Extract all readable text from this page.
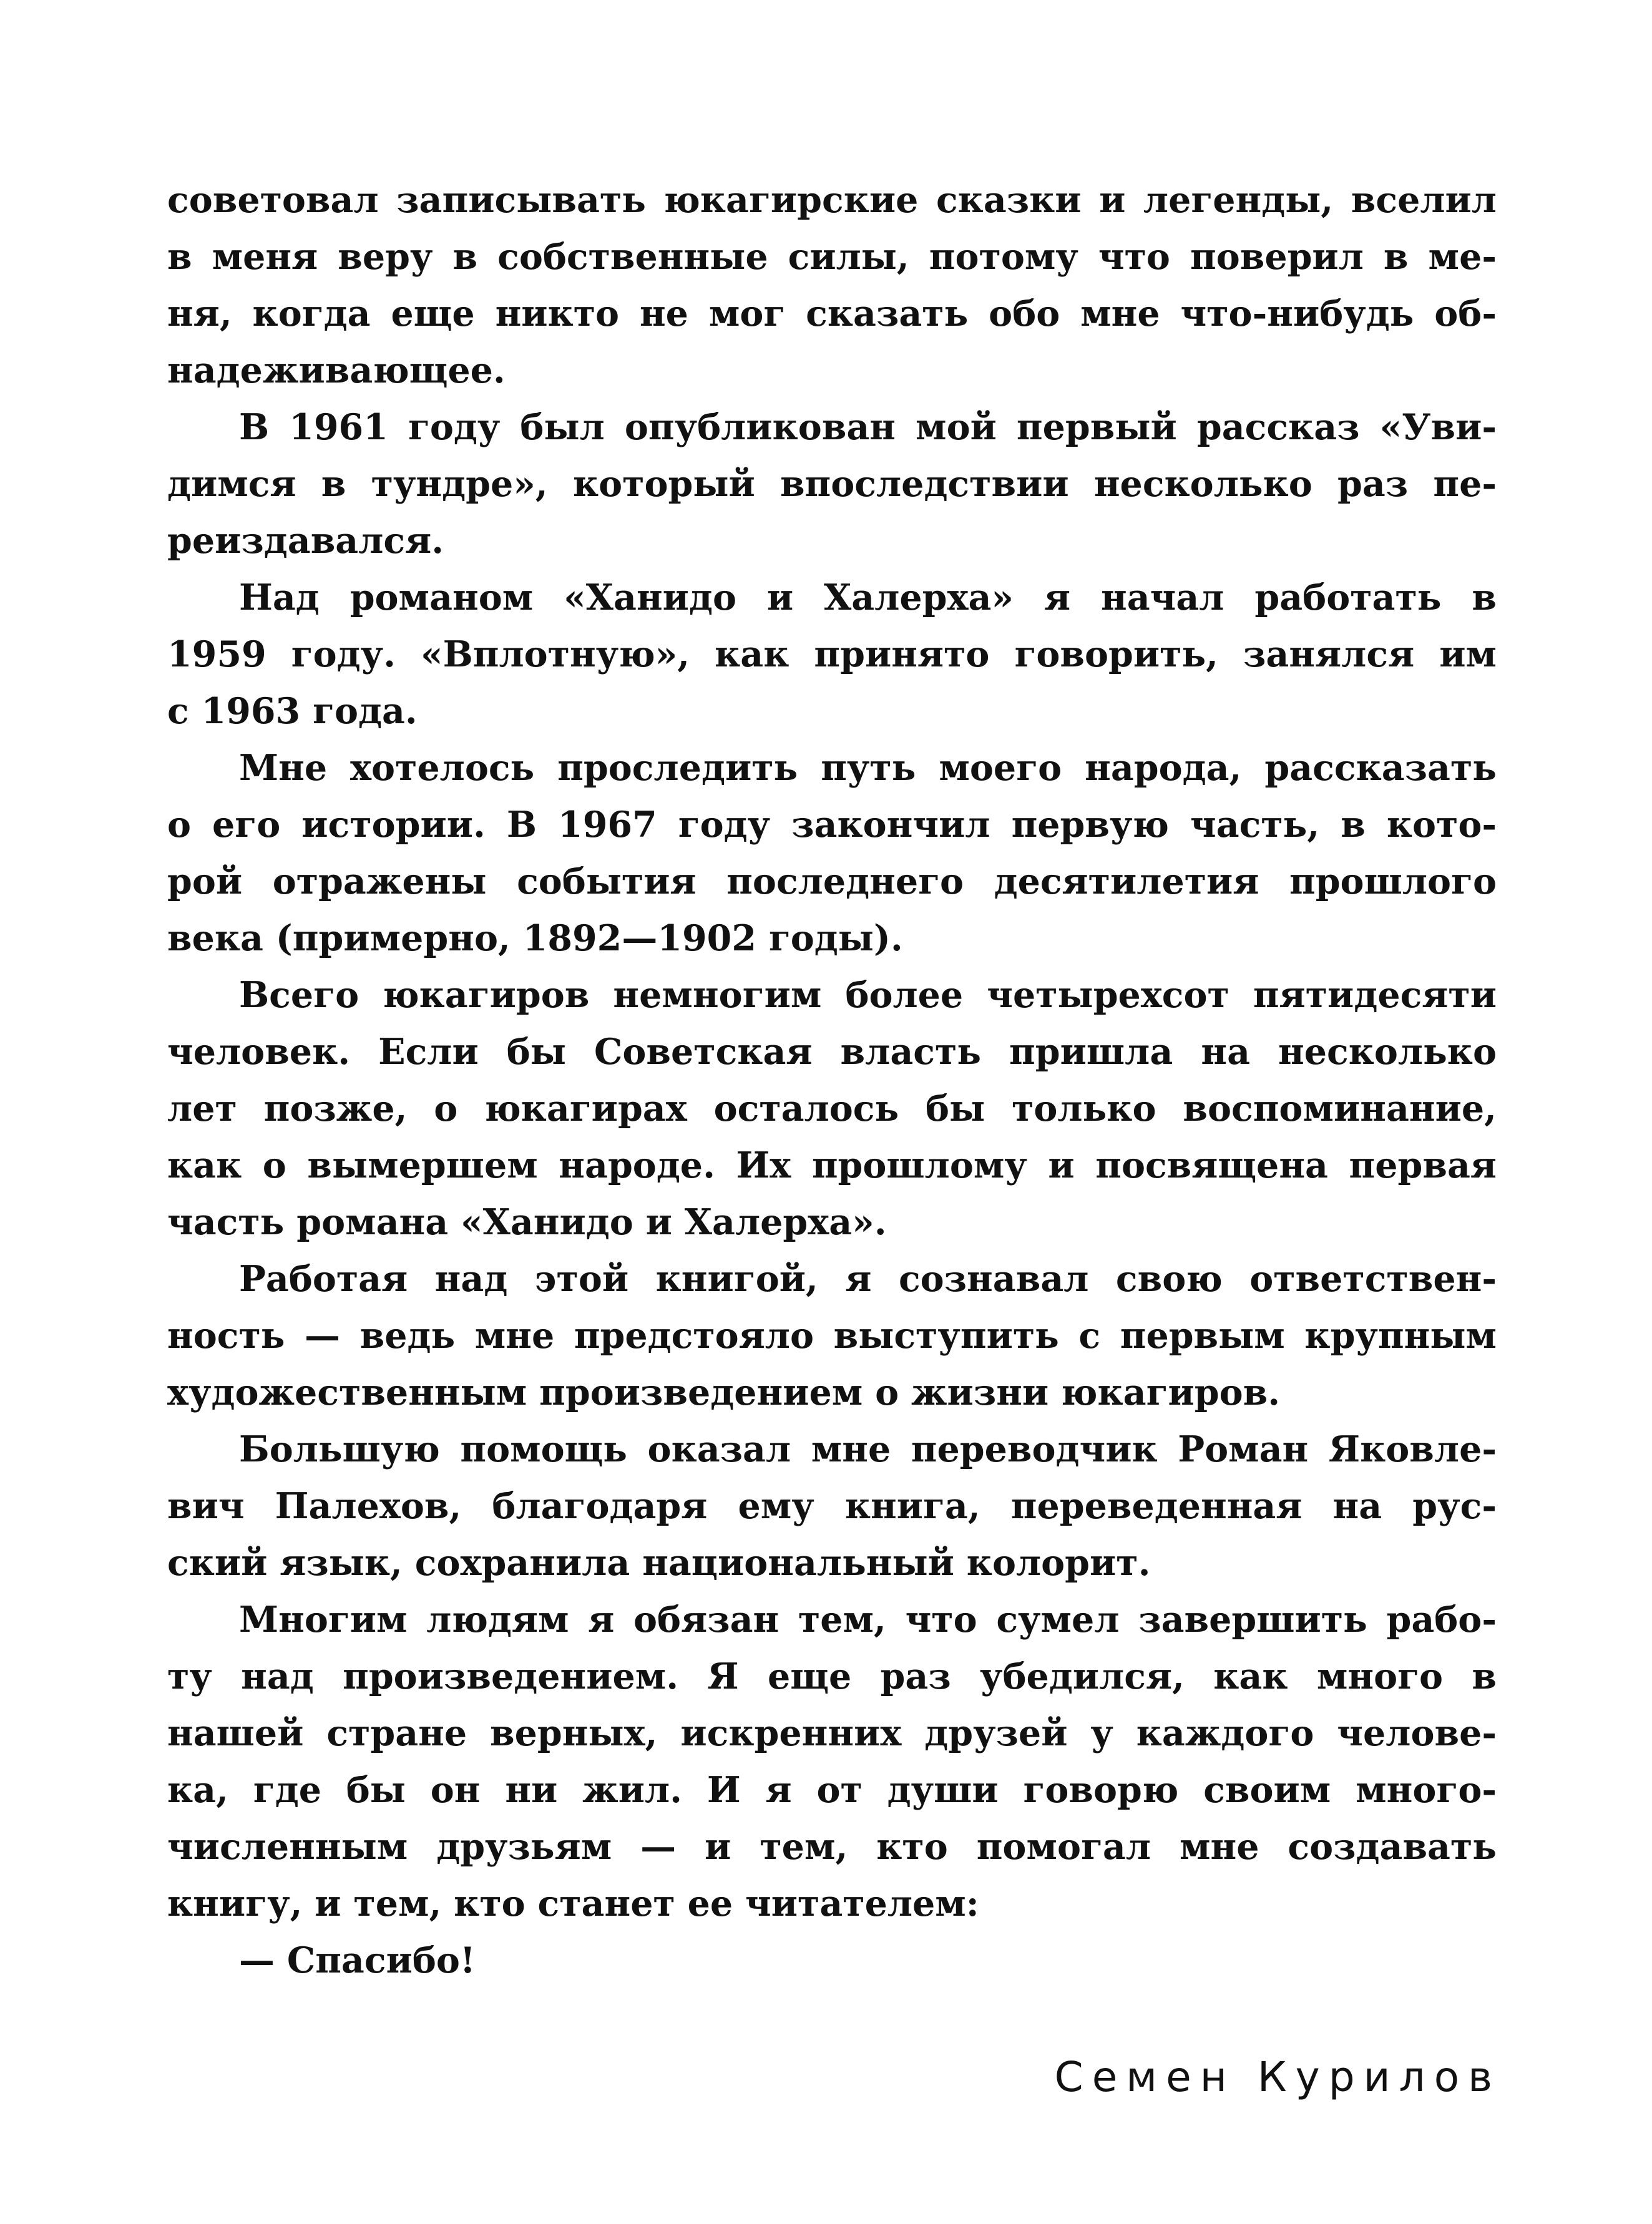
советовал записывать юкагирские сказки и легенды, вселил
в меня веру в собственные силы, потому что поверил в ме-
ня, когда еще никто не мог сказать обо мне что-нибудь об-
надеживающее.
В 1961 году был опубликован мой первый рассказ «Уви-
димся в тундре», который впоследствии несколько раз пе-
реиздавался.
Над романом «Ханидо и Халерха» я начал работать в
1959 году. «Вплотную», как принято говорить, занялся им
с 1963 года.
Мне хотелось проследить путь моего народа, рассказать
о его истории. В 1967 году закончил первую часть, в кото-
рой отражены события последнего десятилетия прошлого
века (примерно, 1892—1902 годы).
Всего юкагиров немногим более четырехсот пятидесяти
человек. Если бы Советская власть пришла на несколько
лет позже, о юкагирах осталось бы только воспоминание,
как о вымершем народе. Их прошлому и посвящена первая
часть романа «Ханидо и Халерха».
Работая над этой книгой, я сознавал свою ответствен-
ность — ведь мне предстояло выступить с первым крупным
художественным произведением о жизни юкагиров.
Большую помощь оказал мне переводчик Роман Яковле-
вич Палехов, благодаря ему книга, переведенная на рус-
ский язык, сохранила национальный колорит.
Многим людям я обязан тем, что сумел завершить рабо-
ту над произведением. Я еще раз убедился, как много в
нашей стране верных, искренних друзей у каждого челове-
ка, где бы он ни жил. И я от души говорю своим много-
численным друзьям — и тем, кто помогал мне создавать
книгу, и тем, кто станет ее читателем:
— Спасибо!
Семен Курилов
